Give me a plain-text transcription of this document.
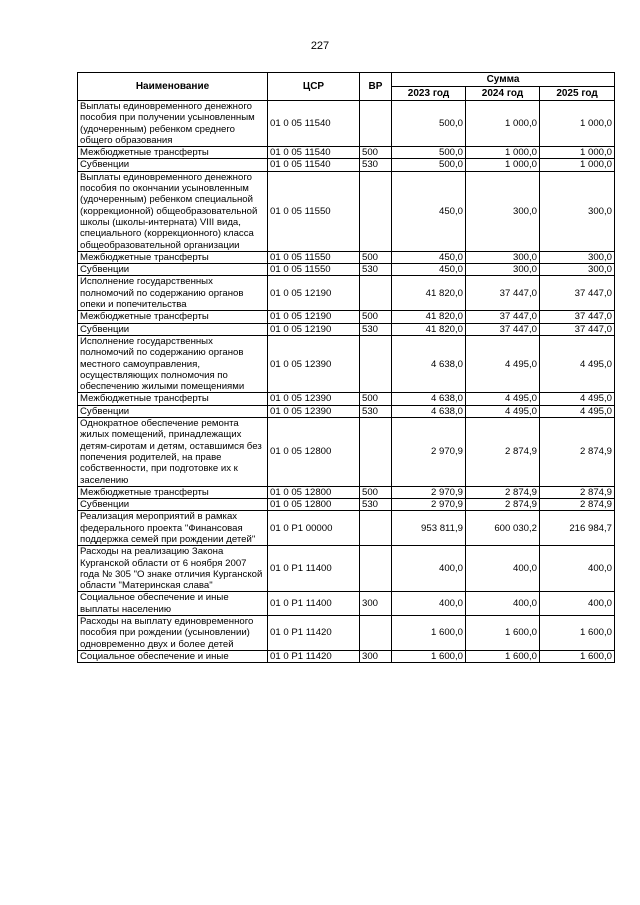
227
Наименование	ЦСР	ВР	Сумма		
			2023 год	2024 год	2025 год
Выплаты единовременного денежного пособия при получении усыновленным (удочеренным) ребенком среднего общего образования	01 0 05 11540		500,0	1 000,0	1 000,0
Межбюджетные трансферты	01 0 05 11540	500	500,0	1 000,0	1 000,0
Субвенции	01 0 05 11540	530	500,0	1 000,0	1 000,0
Выплаты единовременного денежного пособия по окончании усыновленным (удочеренным) ребенком специальной (коррекционной) общеобразовательной школы (школы-интерната) VIII вида, специального (коррекционного) класса общеобразовательной организации	01 0 05 11550		450,0	300,0	300,0
Межбюджетные трансферты	01 0 05 11550	500	450,0	300,0	300,0
Субвенции	01 0 05 11550	530	450,0	300,0	300,0
Исполнение государственных полномочий по содержанию органов опеки и попечительства	01 0 05 12190		41 820,0	37 447,0	37 447,0
Межбюджетные трансферты	01 0 05 12190	500	41 820,0	37 447,0	37 447,0
Субвенции	01 0 05 12190	530	41 820,0	37 447,0	37 447,0
Исполнение государственных полномочий по содержанию органов местного самоуправления, осуществляющих полномочия по обеспечению жилыми помещениями	01 0 05 12390		4 638,0	4 495,0	4 495,0
Межбюджетные трансферты	01 0 05 12390	500	4 638,0	4 495,0	4 495,0
Субвенции	01 0 05 12390	530	4 638,0	4 495,0	4 495,0
Однократное обеспечение ремонта жилых помещений, принадлежащих детям-сиротам и детям, оставшимся без попечения родителей, на праве собственности, при подготовке их к заселению	01 0 05 12800		2 970,9	2 874,9	2 874,9
Межбюджетные трансферты	01 0 05 12800	500	2 970,9	2 874,9	2 874,9
Субвенции	01 0 05 12800	530	2 970,9	2 874,9	2 874,9
Реализация мероприятий в рамках федерального проекта "Финансовая поддержка семей при рождении детей"	01 0 P1 00000		953 811,9	600 030,2	216 984,7
Расходы на реализацию Закона Курганской области от 6 ноября 2007 года № 305 "О знаке отличия Курганской области "Материнская слава"	01 0 P1 11400		400,0	400,0	400,0
Социальное обеспечение и иные выплаты населению	01 0 P1 11400	300	400,0	400,0	400,0
Расходы на выплату единовременного пособия при рождении (усыновлении) одновременно двух и более детей	01 0 P1 11420		1 600,0	1 600,0	1 600,0
Социальное обеспечение и иные	01 0 P1 11420	300	1 600,0	1 600,0	1 600,0
